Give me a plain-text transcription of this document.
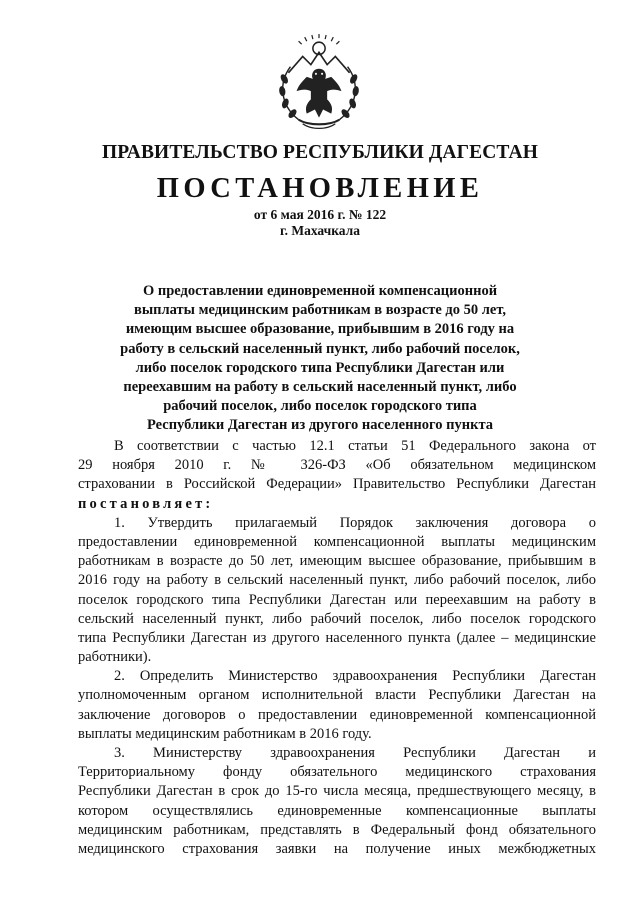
ПРАВИТЕЛЬСТВО РЕСПУБЛИКИ ДАГЕСТАН
ПОСТАНОВЛЕНИЕ
от 6 мая 2016 г. № 122
г. Махачкала
О предоставлении единовременной компенсационной
выплаты медицинским работникам в возрасте до 50 лет,
имеющим высшее образование, прибывшим в 2016 году на
работу в сельский населенный пункт, либо рабочий поселок,
либо поселок городского типа Республики Дагестан или
переехавшим на работу в сельский населенный пункт, либо
рабочий поселок, либо поселок городского типа
Республики Дагестан из другого населенного пункта
В соответствии с частью 12.1 статьи 51 Федерального закона от
29 ноября 2010 г. № 326-ФЗ «Об обязательном медицинском
страховании в Российской Федерации» Правительство Республики Дагестан
постановляет:
1. Утвердить прилагаемый Порядок заключения договора о
предоставлении единовременной компенсационной выплаты медицинским
работникам в возрасте до 50 лет, имеющим высшее образование, прибывшим в
2016 году на работу в сельский населенный пункт, либо рабочий поселок, либо
поселок городского типа Республики Дагестан или переехавшим на работу в
сельский населенный пункт, либо рабочий поселок, либо поселок городского
типа Республики Дагестан из другого населенного пункта (далее – медицинские
работники).
2. Определить Министерство здравоохранения Республики Дагестан
уполномоченным органом исполнительной власти Республики Дагестан на
заключение договоров о предоставлении единовременной компенсационной
выплаты медицинским работникам в 2016 году.
3. Министерству здравоохранения Республики Дагестан и
Территориальному фонду обязательного медицинского страхования
Республики Дагестан в срок до 15-го числа месяца, предшествующего месяцу, в
котором осуществлялись единовременные компенсационные выплаты
медицинским работникам, представлять в Федеральный фонд обязательного
медицинского страхования заявки на получение иных межбюджетных
